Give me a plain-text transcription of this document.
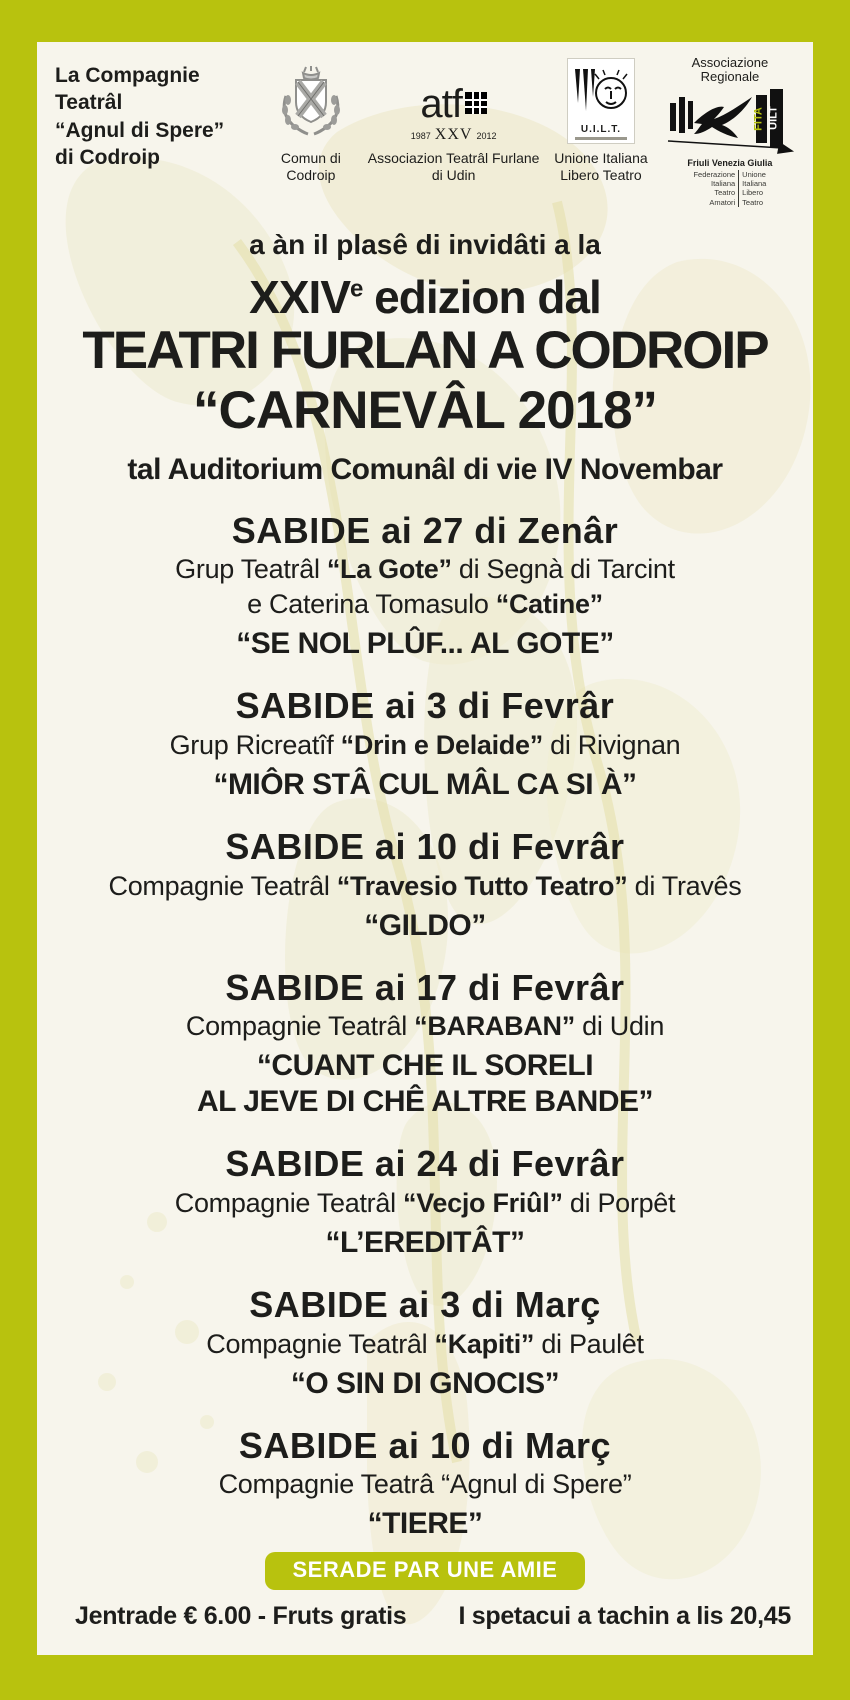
La Compagnie Teatrâl
“Agnul di Spere”
di Codroip	Comun di Codroip
atf
1987 XXV 2012
Associazion Teatrâl Furlane
di Udin
U.I.L.T.
Unione Italiana
Libero Teatro
Associazione
Regionale
FITA UILT
Friuli Venezia Giulia
Federazione
Italiana
Teatro
Amatori
Unione
Italiana
Libero
Teatro
a àn il plasê di invidâti a la
XXIVe edizion dal
TEATRI FURLAN A CODROIP
“CARNEVÂL 2018”
tal Auditorium Comunâl di vie IV Novembar
SABIDE ai 27 di Zenâr
Grup Teatrâl “La Gote” di Segnà di Tarcint
e Caterina Tomasulo “Catine”
“SE NOL PLÛF... AL GOTE”
SABIDE ai 3 di Fevrâr
Grup Ricreatîf “Drin e Delaide” di Rivignan
“MIÔR STÂ CUL MÂL CA SI À”
SABIDE ai 10 di Fevrâr
Compagnie Teatrâl “Travesio Tutto Teatro” di Travês
“GILDO”
SABIDE ai 17 di Fevrâr
Compagnie Teatrâl “BARABAN” di Udin
“CUANT CHE IL SORELI
AL JEVE DI CHÊ ALTRE BANDE”
SABIDE ai 24 di Fevrâr
Compagnie Teatrâl “Vecjo Friûl” di Porpêt
“L’EREDITÂT”
SABIDE ai 3 di Març
Compagnie Teatrâl “Kapiti” di Paulêt
“O SIN DI GNOCIS”
SABIDE ai 10 di Març
Compagnie Teatrâ “Agnul di Spere”
“TIERE”
SERADE PAR UNE AMIE
Jentrade € 6.00 - Fruts gratis I spetacui a tachin a lis 20,45
